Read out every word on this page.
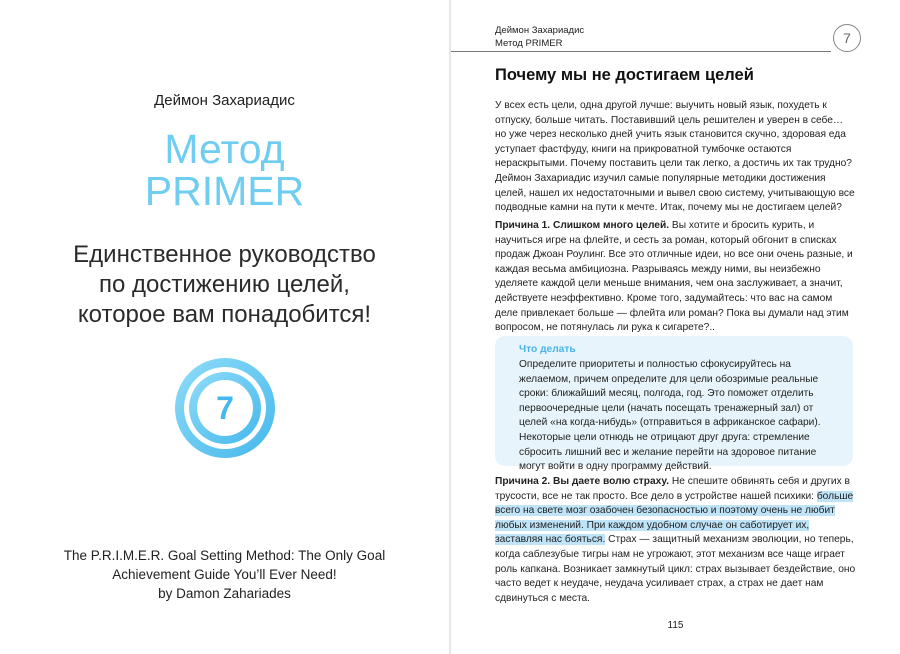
Деймон Захариадис
Метод
PRIMER
Единственное руководство
по достижению целей,
которое вам понадобится!
7
The P.R.I.M.E.R. Goal Setting Method: The Only Goal
Achievement Guide You’ll Ever Need!
by Damon Zahariades
Деймон Захариадис
Метод PRIMER	7
Почему мы не достигаем целей
У всех есть цели, одна другой лучше: выучить новый язык, похудеть к отпуску, больше читать. Поставивший цель решителен и уверен в себе… но уже через несколько дней учить язык становится скучно, здоровая еда уступает фастфуду, книги на прикроватной тумбочке остаются нераскрытыми. Почему поставить цели так легко, а достичь их так трудно? Деймон Захариадис изучил самые популярные методики достижения целей, нашел их недостаточными и вывел свою систему, учитывающую все подводные камни на пути к мечте. Итак, почему мы не достигаем целей?
Причина 1. Слишком много целей. Вы хотите и бросить курить, и научиться игре на флейте, и сесть за роман, который обгонит в списках продаж Джоан Роулинг. Все это отличные идеи, но все они очень разные, и каждая весьма амбициозна. Разрываясь между ними, вы неизбежно уделяете каждой цели меньше внимания, чем она заслуживает, а значит, действуете неэффективно. Кроме того, задумайтесь: что вас на самом деле привлекает больше — флейта или роман? Пока вы думали над этим вопросом, не потянулась ли рука к сигарете?..
Что делать
Определите приоритеты и полностью сфокусируйтесь на желаемом, причем определите для цели обозримые реальные сроки: ближайший месяц, полгода, год. Это поможет отделить первоочередные цели (начать посещать тренажерный зал) от целей «на когда-нибудь» (отправиться в африканское сафари). Некоторые цели отнюдь не отрицают друг друга: стремление сбросить лишний вес и желание перейти на здоровое питание могут войти в одну программу действий.
Причина 2. Вы даете волю страху. Не спешите обвинять себя и других в трусости, все не так просто. Все дело в устройстве нашей психики: больше всего на свете мозг озабочен безопасностью и поэтому очень не любит любых изменений. При каждом удобном случае он саботирует их, заставляя нас бояться. Страх — защитный механизм эволюции, но теперь, когда саблезубые тигры нам не угрожают, этот механизм все чаще играет роль капкана. Возникает замкнутый цикл: страх вызывает бездействие, оно часто ведет к неудаче, неудача усиливает страх, а страх не дает нам сдвинуться с места.
115
